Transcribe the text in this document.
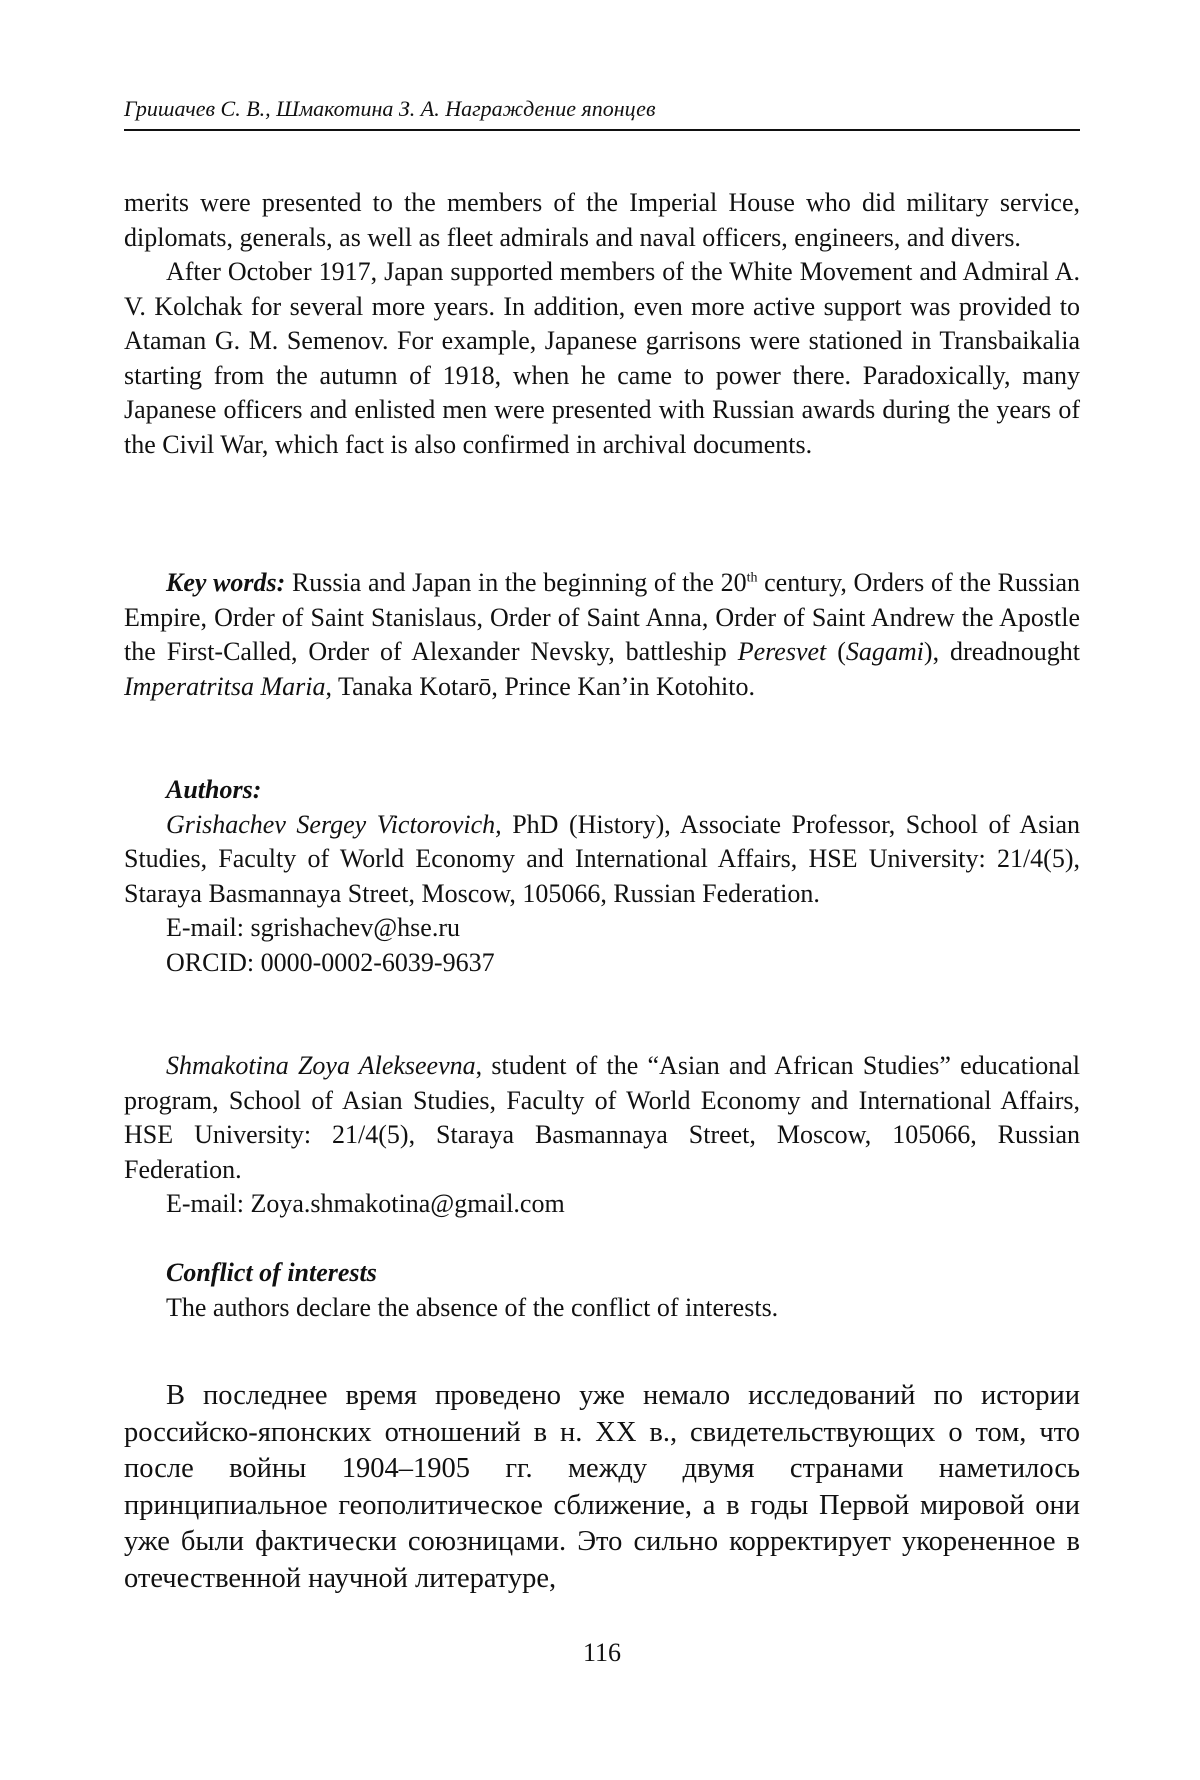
Гришачев С. В., Шмакотина З. А. Награждение японцев

merits were presented to the members of the Imperial House who did military service, diplomats, generals, as well as fleet admirals and naval officers, engineers, and divers.

After October 1917, Japan supported members of the White Movement and Admiral A. V. Kolchak for several more years. In addition, even more active support was provided to Ataman G. M. Semenov. For example, Japanese garrisons were stationed in Transbaikalia starting from the autumn of 1918, when he came to power there. Paradoxically, many Japanese officers and enlisted men were presented with Russian awards during the years of the Civil War, which fact is also confirmed in archival documents.

Key words: Russia and Japan in the beginning of the 20th century, Orders of the Russian Empire, Order of Saint Stanislaus, Order of Saint Anna, Order of Saint Andrew the Apostle the First-Called, Order of Alexander Nevsky, battleship Peresvet (Sagami), dreadnought Imperatritsa Maria, Tanaka Kotarō, Prince Kan’in Kotohito.

Authors:

Grishachev Sergey Victorovich, PhD (History), Associate Professor, School of Asian Studies, Faculty of World Economy and International Affairs, HSE University: 21/4(5), Staraya Basmannaya Street, Moscow, 105066, Russian Federation.

E-mail: sgrishachev@hse.ru

ORCID: 0000-0002-6039-9637

Shmakotina Zoya Alekseevna, student of the “Asian and African Studies” educational program, School of Asian Studies, Faculty of World Economy and International Affairs, HSE University: 21/4(5), Staraya Basmannaya Street, Moscow, 105066, Russian Federation.

E-mail: Zoya.shmakotina@gmail.com

Conflict of interests

The authors declare the absence of the conflict of interests.

В последнее время проведено уже немало исследований по истории российско-японских отношений в н. XX в., свидетельствующих о том, что после войны 1904–1905 гг. между двумя странами наметилось принципиальное геополитическое сближение, а в годы Первой мировой они уже были фактически союзницами. Это сильно корректирует укорененное в отечественной научной литературе,

116
